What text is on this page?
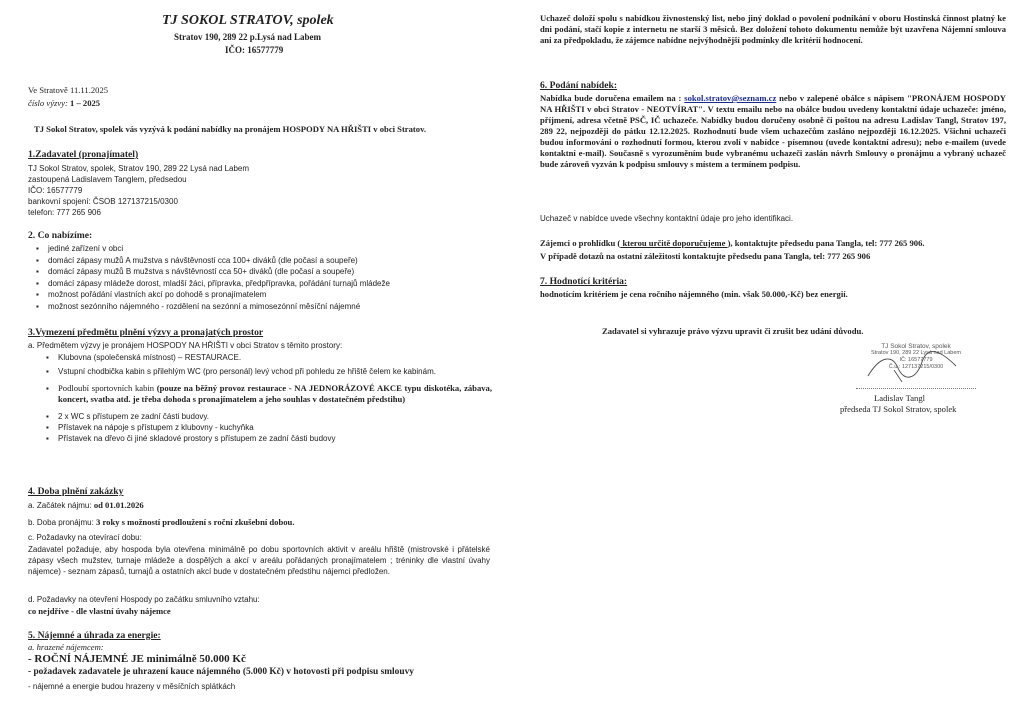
TJ SOKOL STRATOV, spolek
Stratov 190, 289 22 p.Lysá nad Labem
IČO: 16577779
Ve Stratově 11.11.2025
číslo výzvy: 1 – 2025
TJ Sokol Stratov, spolek vás vyzývá k podání nabídky na pronájem HOSPODY NA HŘIŠTI v obci Stratov.
1.Zadavatel (pronajímatel)
TJ Sokol Stratov, spolek, Stratov 190, 289 22 Lysá nad Labem
zastoupená Ladislavem Tanglem, předsedou
IČO: 16577779
bankovní spojení: ČSOB 127137215/0300
telefon: 777 265 906
2. Co nabízíme:
▪ jediné zařízení v obci
▪ domácí zápasy mužů A mužstva s návštěvností cca 100+ diváků (dle počasí a soupeře)
▪ domácí zápasy mužů B mužstva s návštěvností cca 50+ diváků (dle počasí a soupeře)
▪ domácí zápasy mládeže dorost, mladší žáci, přípravka, předpřípravka, pořádání turnajů mládeže
▪ možnost pořádání vlastních akcí po dohodě s pronajímatelem
▪ možnost sezónního nájemného - rozdělení na sezónní a mimosezónní měsíční nájemné
3.Vymezení předmětu plnění výzvy a pronajatých prostor
a. Předmětem výzvy je pronájem HOSPODY NA HŘIŠTI v obci Stratov s těmito prostory:
▪ Klubovna (společenská místnost) – RESTAURACE.
▪ Vstupní chodbička kabin s přilehlým WC (pro personál) levý vchod při pohledu ze hřiště čelem ke kabinám.
▪ Podloubí sportovních kabin (pouze na běžný provoz restaurace - NA JEDNORÁZOVÉ AKCE typu diskotéka, zábava, koncert, svatba atd. je třeba dohoda s pronajímatelem a jeho souhlas v dostatečném předstihu)
▪ 2 x WC s přístupem ze zadní části budovy.
▪ Přístavek na nápoje s přístupem z klubovny - kuchyňka
▪ Přístavek na dřevo či jiné skladové prostory s přístupem ze zadní části budovy
4. Doba plnění zakázky
a. Začátek nájmu: od 01.01.2026
b. Doba pronájmu: 3 roky s možností prodloužení s roční zkušební dobou.
c. Požadavky na otevírací dobu:
Zadavatel požaduje, aby hospoda byla otevřena minimálně po dobu sportovních aktivit v areálu hřiště (mistrovské i přátelské zápasy všech mužstev, turnaje mládeže a dospělých a akcí v areálu pořádaných pronajímatelem ; tréninky dle vlastní úvahy nájemce) - seznam zápasů, turnajů a ostatních akcí bude v dostatečném předstihu nájemci předložen.
d. Požadavky na otevření Hospody po začátku smluvního vztahu:
co nejdříve - dle vlastní úvahy nájemce
5. Nájemné a úhrada za energie:
a. hrazené nájemcem:
- ROČNÍ NÁJEMNÉ JE minimálně 50.000 Kč
- požadavek zadavatele je uhrazení kauce nájemného (5.000 Kč) v hotovosti při podpisu smlouvy
- nájemné a energie budou hrazeny v měsíčních splátkách
Uchazeč doloží spolu s nabídkou živnostenský list, nebo jiný doklad o povolení podnikání v oboru Hostinská činnost platný ke dni podání, stačí kopie z internetu ne starší 3 měsíců. Bez doložení tohoto dokumentu nemůže být uzavřena Nájemní smlouva ani za předpokladu, že zájemce nabídne nejvýhodnější podmínky dle kritérií hodnocení.
6. Podání nabídek:
Nabídka bude doručena emailem na : sokol.stratov@seznam.cz nebo v zalepené obálce s nápisem "PRONÁJEM HOSPODY NA HŘIŠTI v obci Stratov - NEOTVÍRAT". V textu emailu nebo na obálce budou uvedeny kontaktní údaje uchazeče: jméno, příjmení, adresa včetně PSČ, IČ uchazeče. Nabídky budou doručeny osobně či poštou na adresu Ladislav Tangl, Stratov 197, 289 22, nejpozději do pátku 12.12.2025. Rozhodnutí bude všem uchazečům zasláno nejpozději 16.12.2025. Všichni uchazeči budou informováni o rozhodnutí formou, kterou zvolí v nabídce - písemnou (uvede kontaktní adresu); nebo e-mailem (uvede kontaktní e-mail). Současně s vyrozuměním bude vybranému uchazeči zaslán návrh Smlouvy o pronájmu a vybraný uchazeč bude zároveň vyzván k podpisu smlouvy s místem a termínem podpisu.
Uchazeč v nabídce uvede všechny kontaktní údaje pro jeho identifikaci.
Zájemci o prohlídku ( kterou určitě doporučujeme ), kontaktujte předsedu pana Tangla, tel: 777 265 906.
V případě dotazů na ostatní záležitosti kontaktujte předsedu pana Tangla, tel: 777 265 906
7. Hodnotící kritéria:
hodnotícím kritériem je cena ročního nájemného (min. však 50.000,-Kč) bez energií.
Zadavatel si vyhrazuje právo výzvu upravit či zrušit bez udání důvodu.
TJ Sokol Stratov, spolek
Stratov 190, 289 22 Lysá nad Labem
IČ: 16577779
Č.ú.: 127137215/0300
Ladislav Tangl
předseda TJ Sokol Stratov, spolek
